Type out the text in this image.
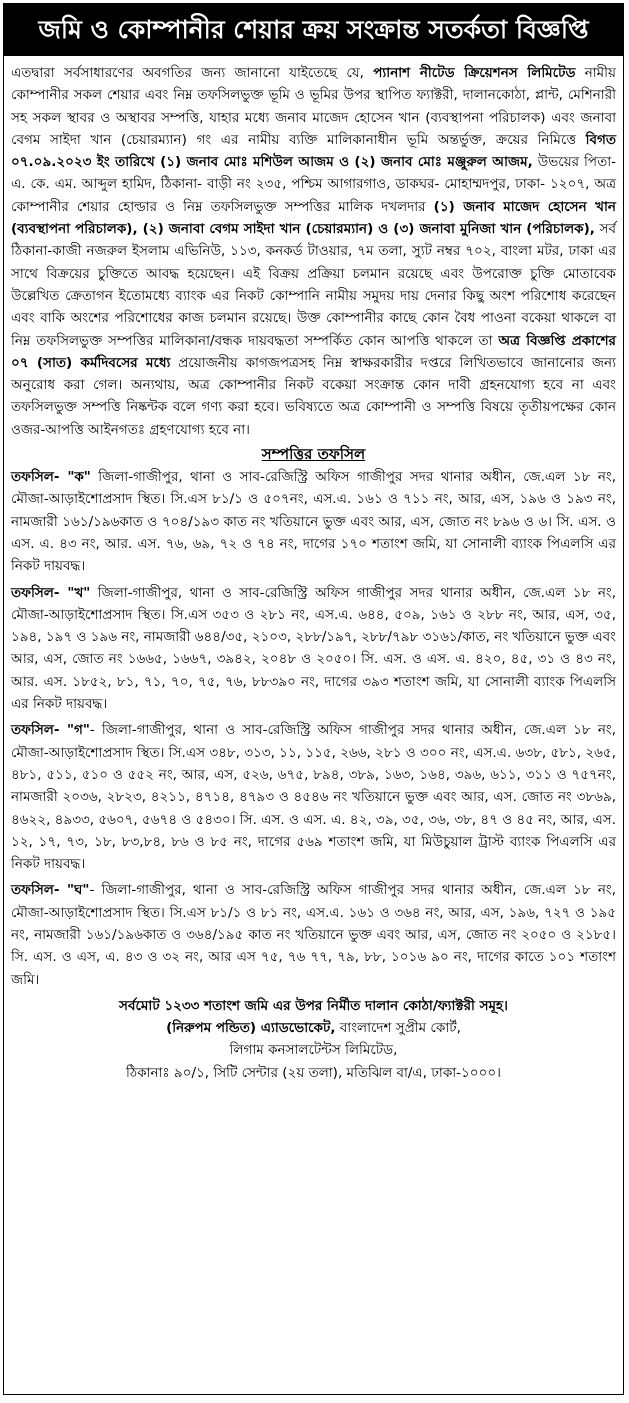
জমি ও কোম্পানীর শেয়ার ক্রয় সংক্রান্ত সতর্কতা বিজ্ঞপ্তি

এতদ্বারা সর্বসাধারণের অবগতির জন্য জানানো যাইতেছে যে, প্যানাশ নীটেড ক্রিয়েশনস লিমিটেড নামীয় কোম্পানীর সকল শেয়ার এবং নিম্ন তফসিলভুক্ত ভূমি ও ভূমির উপর স্থাপিত ফ্যাক্টরী, দালানকোঠা, প্লান্ট, মেশিনারী সহ সকল স্থাবর ও অস্থাবর সম্পত্তি, যাহার মধ্যে জনাব মাজেদ হোসেন খান (ব্যবস্থাপনা পরিচালক) এবং জনাবা বেগম সাইদা খান (চেয়ারম্যান) গং এর নামীয় ব্যক্তি মালিকানাধীন ভূমি অন্তর্ভুক্ত, ক্রয়ের নিমিত্তে বিগত ০৭.০৯.২০২৩ ইং তারিখে (১) জনাব মোঃ মশিউল আজম ও (২) জনাব মোঃ মঞ্জুরুল আজম, উভয়ের পিতা-এ. কে. এম. আব্দুল হামিদ, ঠিকানা- বাড়ী নং ২৩৫, পশ্চিম আগারগাও, ডাকঘর- মোহাম্মদপুর, ঢাকা- ১২০৭, অত্র কোম্পানীর শেয়ার হোল্ডার ও নিম্ন তফসিলভুক্ত সম্পত্তির মালিক দখলদার (১) জনাব মাজেদ হোসেন খান (ব্যবস্থাপনা পরিচালক), (২) জনাবা বেগম সাইদা খান (চেয়ারম্যান) ও (৩) জনাবা মুনিজা খান (পরিচালক), সর্ব ঠিকানা-কাজী নজরুল ইসলাম এভিনিউ, ১১৩, কনকর্ড টাওয়ার, ৭ম তলা, স্যুট নম্বর ৭০২, বাংলা মটর, ঢাকা এর সাথে বিক্রয়ের চুক্তিতে আবদ্ধ হয়েছেন। এই বিক্রয় প্রক্রিয়া চলমান রয়েছে এবং উপরোক্ত চুক্তি মোতাবেক উল্লেখিত ক্রেতাগন ইতোমধ্যে ব্যাংক এর নিকট কোম্পানি নামীয় সমুদয় দায় দেনার কিছু অংশ পরিশোধ করেছেন এবং বাকি অংশের পরিশোধের কাজ চলমান রয়েছে। উক্ত কোম্পানীর কাছে কোন বৈধ পাওনা বকেয়া থাকলে বা নিম্ন তফসিলভুক্ত সম্পত্তির মালিকানা/বন্ধক দায়বদ্ধতা সম্পর্কিত কোন আপত্তি থাকলে তা অত্র বিজ্ঞপ্তি প্রকাশের ০৭ (সাত) কর্মদিবসের মধ্যে প্রয়োজনীয় কাগজপত্রসহ নিম্ন স্বাক্ষরকারীর দপ্তরে লিখিতভাবে জানানোর জন্য অনুরোধ করা গেল। অন্যথায়, অত্র কোম্পানীর নিকট বকেয়া সংক্রান্ত কোন দাবী গ্রহনযোগ্য হবে না এবং তফসিলভুক্ত সম্পত্তি নিষ্কন্টক বলে গণ্য করা হবে। ভবিষ্যতে অত্র কোম্পানী ও সম্পত্তি বিষয়ে তৃতীয়পক্ষের কোন ওজর-আপত্তি আইনগতঃ গ্রহণযোগ্য হবে না।

সম্পত্তির তফসিল

তফসিল- "ক" জিলা-গাজীপুর, থানা ও সাব-রেজিস্ট্রি অফিস গাজীপুর সদর থানার অধীন, জে.এল ১৮ নং, মৌজা-আড়াইশোপ্রসাদ স্থিত। সি.এস ৮১/১ ও ৫০৭নং, এস.এ. ১৬১ ও ৭১১ নং, আর, এস, ১৯৬ ও ১৯৩ নং, নামজারী ১৬১/১৯৬কাত ও ৭০৪/১৯৩ কাত নং খতিয়ানে ভুক্ত এবং আর, এস, জোত নং ৮৯৬ ও ৬। সি. এস. ও এস. এ. ৪৩ নং, আর. এস. ৭৬, ৬৯, ৭২ ও ৭৪ নং, দাগের ১৭০ শতাংশ জমি, যা সোনালী ব্যাংক পিএলসি এর নিকট দায়বদ্ধ।

তফসিল- "খ" জিলা-গাজীপুর, থানা ও সাব-রেজিস্ট্রি অফিস গাজীপুর সদর থানার অধীন, জে.এল ১৮ নং, মৌজা-আড়াইশোপ্রসাদ স্থিত। সি.এস ৩৫৩ ও ২৮১ নং, এস.এ. ৬৪৪, ৫০৯, ১৬১ ও ২৮৮ নং, আর, এস, ৩৫, ১৯৪, ১৯৭ ও ১৯৬ নং, নামজারী ৬৪৪/৩৫, ২১০৩, ২৮৮/১৯৭, ২৮৮/৭৯৮ ৩১৬১/কাত, নং খতিয়ানে ভুক্ত এবং আর, এস, জোত নং ১৬৬৫, ১৬৬৭, ৩৯৪২, ২০৪৮ ও ২০৫০। সি. এস. ও এস. এ. ৪২০, ৪৫, ৩১ ও ৪৩ নং, আর. এস. ১৮৫২, ৮১, ৭১, ৭০, ৭৫, ৭৬, ৮৮৩৯০ নং, দাগের ৩৯৩ শতাংশ জমি, যা সোনালী ব্যাংক পিএলসি এর নিকট দায়বদ্ধ।

তফসিল- "গ"- জিলা-গাজীপুর, থানা ও সাব-রেজিস্ট্রি অফিস গাজীপুর সদর থানার অধীন, জে.এল ১৮ নং, মৌজা-আড়াইশোপ্রসাদ স্থিত। সি.এস ৩৪৮, ৩১৩, ১১, ১১৫, ২৬৬, ২৮১ ও ৩০০ নং, এস.এ. ৬৩৮, ৫৮১, ২৬৫, ৪৮১, ৫১১, ৫১০ ও ৫৫২ নং, আর, এস, ৫২৬, ৬৭৫, ৮৯৪, ৩৮৯, ১৬৩, ১৬৪, ৩৯৬, ৬১১, ৩১১ ও ৭৫৭নং, নামজারী ২০৩৬, ২৮২৩, ৪২১১, ৪৭১৪, ৪৭৯৩ ও ৪৫৪৬ নং খতিয়ানে ভুক্ত এবং আর, এস. জোত নং ৩৮৬৯, ৪৬২২, ৪৯৩৩, ৫৬০৭, ৫৬৭৪ ও ৫৪৩০। সি. এস. ও এস. এ. ৪২, ৩৯, ৩৫, ৩৬, ৩৮, ৪৭ ও ৪৫ নং, আর, এস. ১২, ১৭, ৭৩, ১৮, ৮৩,৮৪, ৮৬ ও ৮৫ নং, দাগের ৫৬৯ শতাংশ জমি, যা মিউচুয়াল ট্রাস্ট ব্যাংক পিএলসি এর নিকট দায়বদ্ধ।

তফসিল- "ঘ"- জিলা-গাজীপুর, থানা ও সাব-রেজিস্ট্রি অফিস গাজীপুর সদর থানার অধীন, জে.এল ১৮ নং, মৌজা-আড়াইশোপ্রসাদ স্থিত। সি.এস ৮১/১ ও ৮১ নং, এস.এ. ১৬১ ও ৩৬৪ নং, আর, এস, ১৯৬, ৭২৭ ও ১৯৫ নং, নামজারী ১৬১/১৯৬কাত ও ৩৬৪/১৯৫ কাত নং খতিয়ানে ভুক্ত এবং আর, এস, জোত নং ২০৫০ ও ২১৮৫। সি. এস. ও এস, এ. ৪৩ ও ৩২ নং, আর এস ৭৫, ৭৬ ৭৭, ৭৯, ৮৮, ১০১৬ ৯০ নং, দাগের কাতে ১০১ শতাংশ জমি।

সর্বমোট ১২৩৩ শতাংশ জমি এর উপর নির্মীত দালান কোঠা/ফ্যাক্টরী সমূহ।
(নিরুপম পন্ডিত) এ্যাডভোকেট, বাংলাদেশ সুপ্রীম কোর্ট,
লিগাম কনসালটেন্টস লিমিটেড,
ঠিকানাঃ ৯০/১, সিটি সেন্টার (২য় তলা), মতিঝিল বা/এ, ঢাকা-১০০০।
